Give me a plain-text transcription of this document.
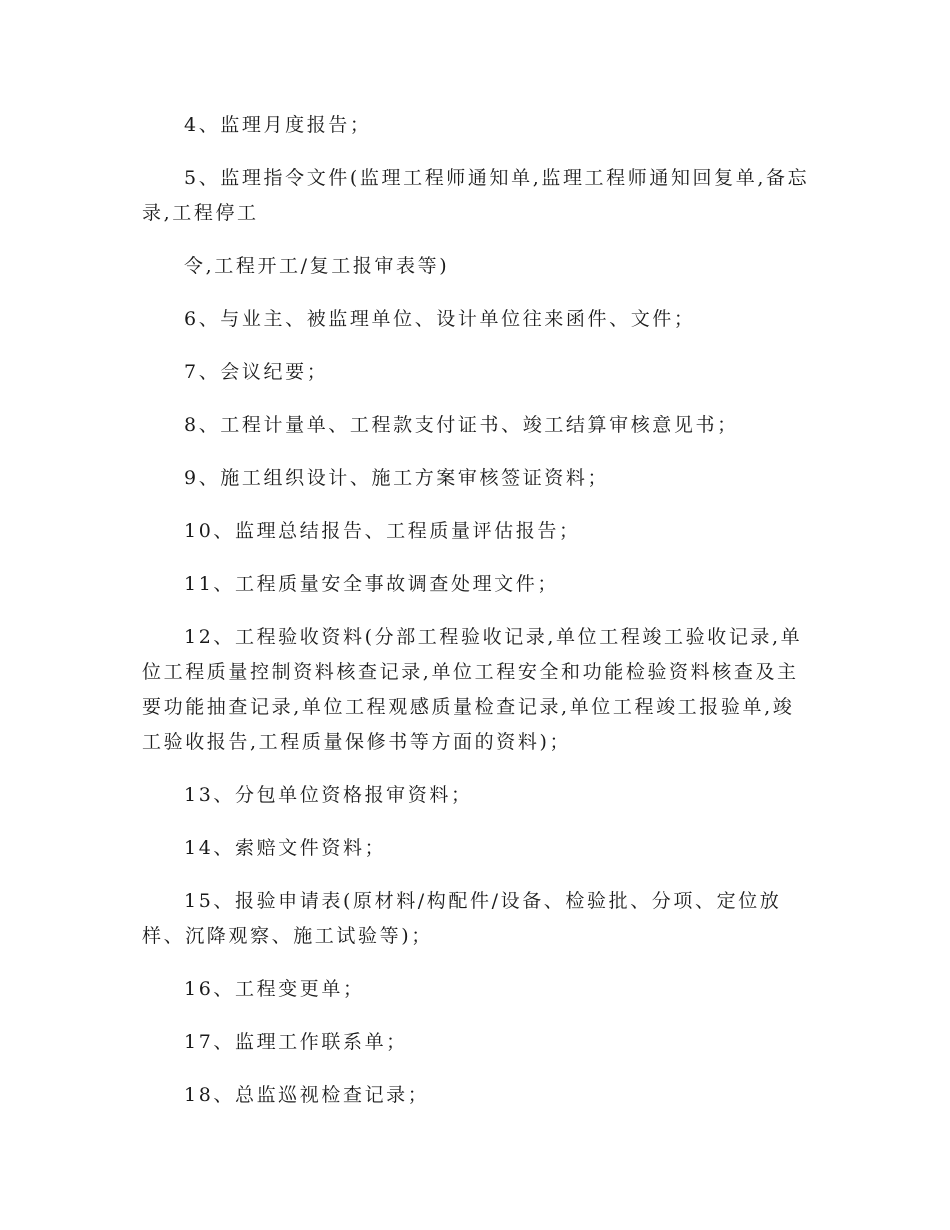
4、监理月度报告；

5、监理指令文件(监理工程师通知单,监理工程师通知回复单,备忘录,工程停工

令,工程开工/复工报审表等)

6、与业主、被监理单位、设计单位往来函件、文件；

7、会议纪要；

8、工程计量单、工程款支付证书、竣工结算审核意见书；

9、施工组织设计、施工方案审核签证资料；

10、监理总结报告、工程质量评估报告；

11、工程质量安全事故调查处理文件；

12、工程验收资料(分部工程验收记录,单位工程竣工验收记录,单位工程质量控制资料核查记录,单位工程安全和功能检验资料核查及主要功能抽查记录,单位工程观感质量检查记录,单位工程竣工报验单,竣工验收报告,工程质量保修书等方面的资料)；

13、分包单位资格报审资料；

14、索赔文件资料；

15、报验申请表(原材料/构配件/设备、检验批、分项、定位放样、沉降观察、施工试验等)；

16、工程变更单；

17、监理工作联系单；

18、总监巡视检查记录；
